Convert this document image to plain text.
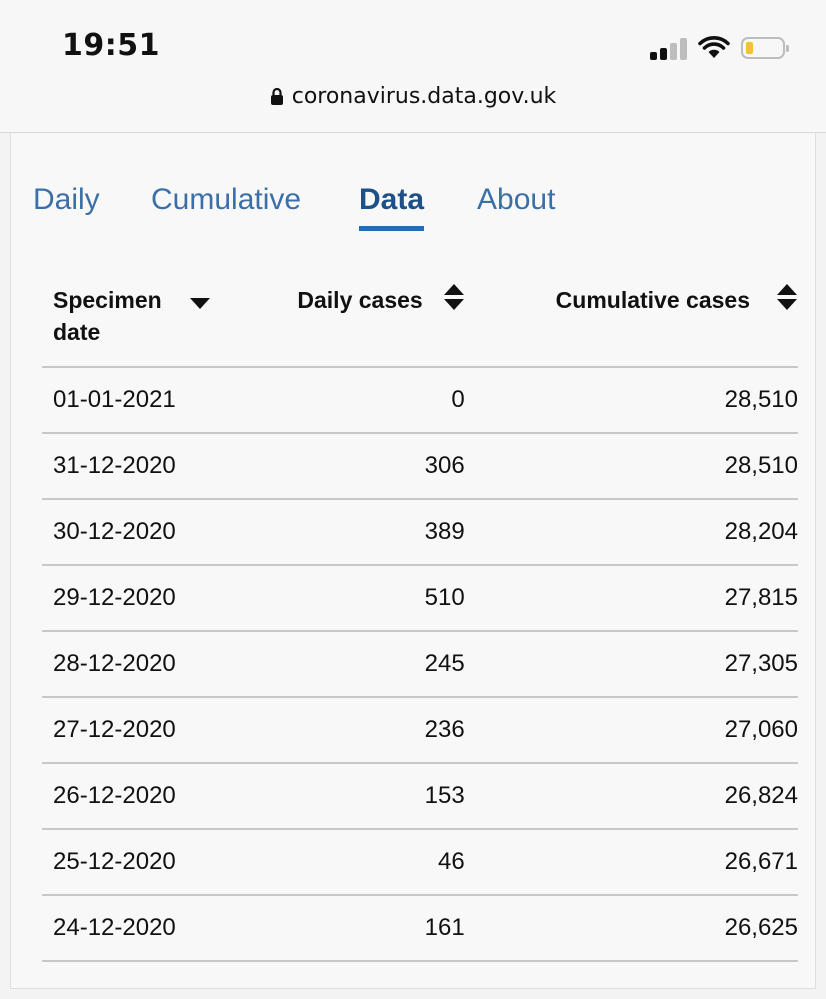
19:51
coronavirus.data.gov.uk
Daily Cumulative Data About
Specimen date	Daily cases	Cumulative cases

01-01-2021	0	28,510
31-12-2020	306	28,510
30-12-2020	389	28,204
29-12-2020	510	27,815
28-12-2020	245	27,305
27-12-2020	236	27,060
26-12-2020	153	26,824
25-12-2020	46	26,671
24-12-2020	161	26,625
